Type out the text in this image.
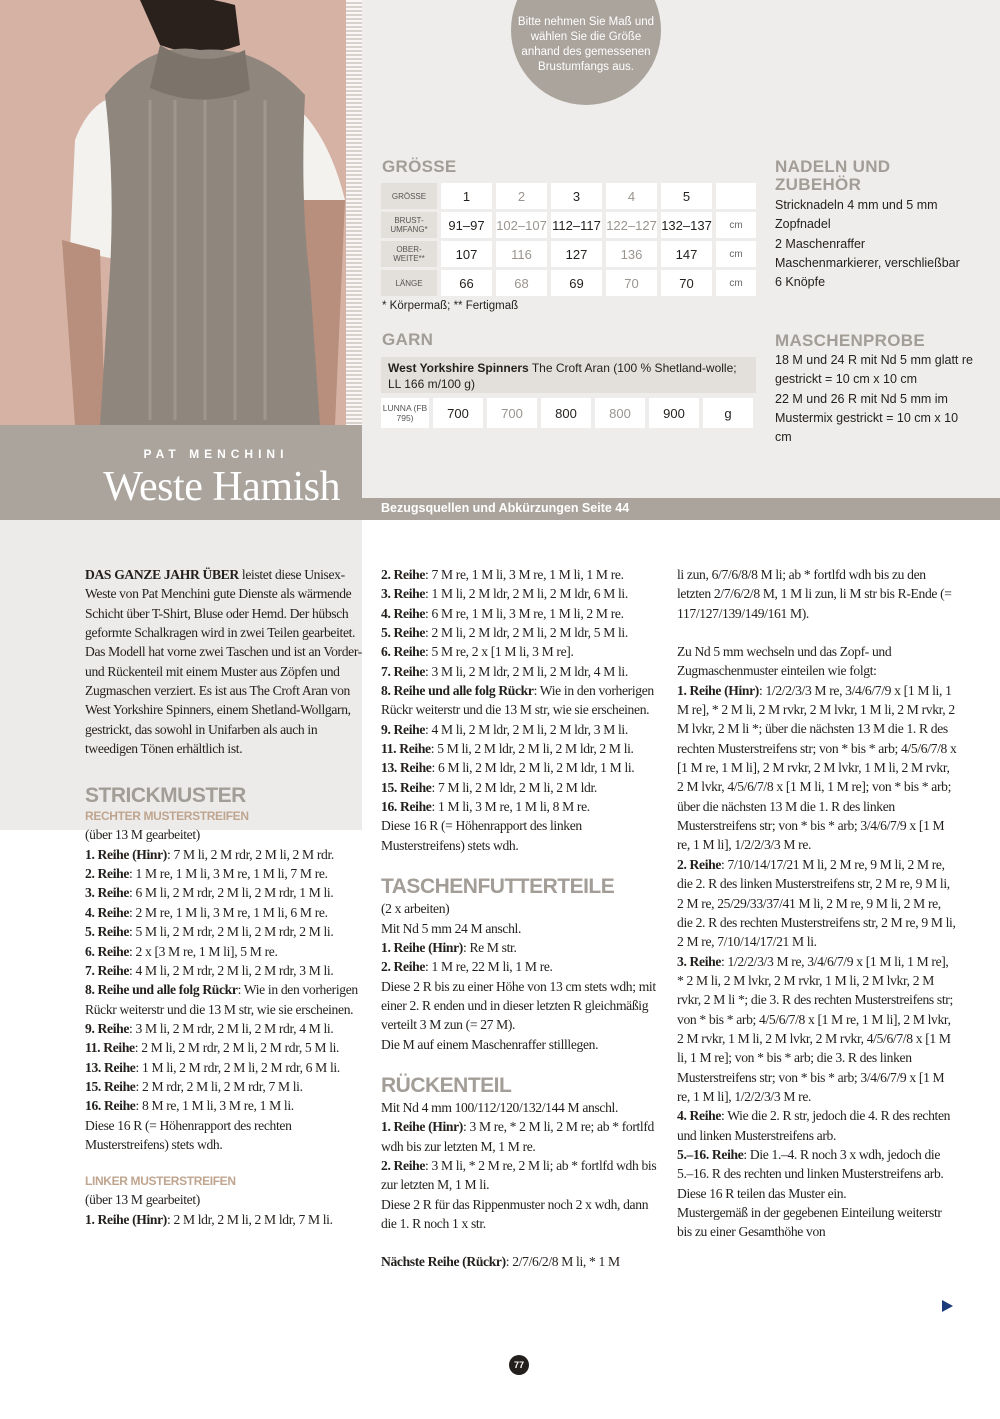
PAT MENCHINI
Weste Hamish
Bitte nehmen Sie Maß und wählen Sie die Größe anhand des gemessenen Brustumfangs aus.
GRÖSSE
GRÖSSE	1	2	3	4	5
BRUST-UMFANG*	91–97 102–107 112–117 122–127 132–137	cm
OBER-WEITE**	107	116	127	136	147	cm
LÄNGE	66	68	69	70	70	cm
* Körpermaß; ** Fertigmaß
GARN
West Yorkshire Spinners The Croft Aran (100 % Shetland-wolle; LL 166 m/100 g)
LUNNA (FB 795)	700	700	800	800	900	g
NADELN UND ZUBEHÖR
Stricknadeln 4 mm und 5 mm
Zopfnadel
2 Maschenraffer
Maschenmarkierer, verschließbar
6 Knöpfe
MASCHENPROBE
18 M und 24 R mit Nd 5 mm glatt re gestrickt = 10 cm x 10 cm
22 M und 26 R mit Nd 5 mm im Mustermix gestrickt = 10 cm x 10 cm
Bezugsquellen und Abkürzungen Seite 44

DAS GANZE JAHR ÜBER leistet diese Unisex-Weste von Pat Menchini gute Dienste als wärmende Schicht über T-Shirt, Bluse oder Hemd. Der hübsch geformte Schalkragen wird in zwei Teilen gearbeitet. Das Modell hat vorne zwei Taschen und ist an Vorder- und Rückenteil mit einem Muster aus Zöpfen und Zugmaschen verziert. Es ist aus The Croft Aran von West Yorkshire Spinners, einem Shetland-Wollgarn, gestrickt, das sowohl in Unifarben als auch in tweedigen Tönen erhältlich ist.

STRICKMUSTER
RECHTER MUSTERSTREIFEN

(über 13 M gearbeitet)

1. Reihe (Hinr): 7 M li, 2 M rdr, 2 M li, 2 M rdr.

2. Reihe: 1 M re, 1 M li, 3 M re, 1 M li, 7 M re.

3. Reihe: 6 M li, 2 M rdr, 2 M li, 2 M rdr, 1 M li.

4. Reihe: 2 M re, 1 M li, 3 M re, 1 M li, 6 M re.

5. Reihe: 5 M li, 2 M rdr, 2 M li, 2 M rdr, 2 M li.

6. Reihe: 2 x [3 M re, 1 M li], 5 M re.

7. Reihe: 4 M li, 2 M rdr, 2 M li, 2 M rdr, 3 M li.

8. Reihe und alle folg Rückr: Wie in den vorherigen Rückr weiterstr und die 13 M str, wie sie erscheinen.

9. Reihe: 3 M li, 2 M rdr, 2 M li, 2 M rdr, 4 M li.

11. Reihe: 2 M li, 2 M rdr, 2 M li, 2 M rdr, 5 M li.

13. Reihe: 1 M li, 2 M rdr, 2 M li, 2 M rdr, 6 M li.

15. Reihe: 2 M rdr, 2 M li, 2 M rdr, 7 M li.

16. Reihe: 8 M re, 1 M li, 3 M re, 1 M li.

Diese 16 R (= Höhenrapport des rechten Musterstreifens) stets wdh.

LINKER MUSTERSTREIFEN

(über 13 M gearbeitet)

1. Reihe (Hinr): 2 M ldr, 2 M li, 2 M ldr, 7 M li.

2. Reihe: 7 M re, 1 M li, 3 M re, 1 M li, 1 M re.

3. Reihe: 1 M li, 2 M ldr, 2 M li, 2 M ldr, 6 M li.

4. Reihe: 6 M re, 1 M li, 3 M re, 1 M li, 2 M re.

5. Reihe: 2 M li, 2 M ldr, 2 M li, 2 M ldr, 5 M li.

6. Reihe: 5 M re, 2 x [1 M li, 3 M re].

7. Reihe: 3 M li, 2 M ldr, 2 M li, 2 M ldr, 4 M li.

8. Reihe und alle folg Rückr: Wie in den vorherigen Rückr weiterstr und die 13 M str, wie sie erscheinen.

9. Reihe: 4 M li, 2 M ldr, 2 M li, 2 M ldr, 3 M li.

11. Reihe: 5 M li, 2 M ldr, 2 M li, 2 M ldr, 2 M li.

13. Reihe: 6 M li, 2 M ldr, 2 M li, 2 M ldr, 1 M li.

15. Reihe: 7 M li, 2 M ldr, 2 M li, 2 M ldr.

16. Reihe: 1 M li, 3 M re, 1 M li, 8 M re.

Diese 16 R (= Höhenrapport des linken Musterstreifens) stets wdh.

TASCHENFUTTERTEILE

(2 x arbeiten)

Mit Nd 5 mm 24 M anschl.

1. Reihe (Hinr): Re M str.

2. Reihe: 1 M re, 22 M li, 1 M re.

Diese 2 R bis zu einer Höhe von 13 cm stets wdh; mit einer 2. R enden und in dieser letzten R gleichmäßig verteilt 3 M zun (= 27 M).

Die M auf einem Maschenraffer stilllegen.

RÜCKENTEIL

Mit Nd 4 mm 100/112/120/132/144 M anschl.

1. Reihe (Hinr): 3 M re, * 2 M li, 2 M re; ab * fortlfd wdh bis zur letzten M, 1 M re.

2. Reihe: 3 M li, * 2 M re, 2 M li; ab * fortlfd wdh bis zur letzten M, 1 M li.

Diese 2 R für das Rippenmuster noch 2 x wdh, dann die 1. R noch 1 x str.

Nächste Reihe (Rückr): 2/7/6/2/8 M li, * 1 M

li zun, 6/7/6/8/8 M li; ab * fortlfd wdh bis zu den letzten 2/7/6/2/8 M, 1 M li zun, li M str bis R-Ende (= 117/127/139/149/161 M).

Zu Nd 5 mm wechseln und das Zopf- und Zugmaschenmuster einteilen wie folgt:

1. Reihe (Hinr): 1/2/2/3/3 M re, 3/4/6/7/9 x [1 M li, 1 M re], * 2 M li, 2 M rvkr, 2 M lvkr, 1 M li, 2 M rvkr, 2 M lvkr, 2 M li *; über die nächsten 13 M die 1. R des rechten Musterstreifens str; von * bis * arb; 4/5/6/7/8 x [1 M re, 1 M li], 2 M rvkr, 2 M lvkr, 1 M li, 2 M rvkr, 2 M lvkr, 4/5/6/7/8 x [1 M li, 1 M re]; von * bis * arb; über die nächsten 13 M die 1. R des linken Musterstreifens str; von * bis * arb; 3/4/6/7/9 x [1 M re, 1 M li], 1/2/2/3/3 M re.

2. Reihe: 7/10/14/17/21 M li, 2 M re, 9 M li, 2 M re, die 2. R des linken Musterstreifens str, 2 M re, 9 M li, 2 M re, 25/29/33/37/41 M li, 2 M re, 9 M li, 2 M re, die 2. R des rechten Musterstreifens str, 2 M re, 9 M li, 2 M re, 7/10/14/17/21 M li.

3. Reihe: 1/2/2/3/3 M re, 3/4/6/7/9 x [1 M li, 1 M re], * 2 M li, 2 M lvkr, 2 M rvkr, 1 M li, 2 M lvkr, 2 M rvkr, 2 M li *; die 3. R des rechten Musterstreifens str; von * bis * arb; 4/5/6/7/8 x [1 M re, 1 M li], 2 M lvkr, 2 M rvkr, 1 M li, 2 M lvkr, 2 M rvkr, 4/5/6/7/8 x [1 M li, 1 M re]; von * bis * arb; die 3. R des linken Musterstreifens str; von * bis * arb; 3/4/6/7/9 x [1 M re, 1 M li], 1/2/2/3/3 M re.

4. Reihe: Wie die 2. R str, jedoch die 4. R des rechten und linken Musterstreifens arb.

5.–16. Reihe: Die 1.–4. R noch 3 x wdh, jedoch die 5.–16. R des rechten und linken Musterstreifens arb.

Diese 16 R teilen das Muster ein.

Mustergemäß in der gegebenen Einteilung weiterstr bis zu einer Gesamthöhe von

77
